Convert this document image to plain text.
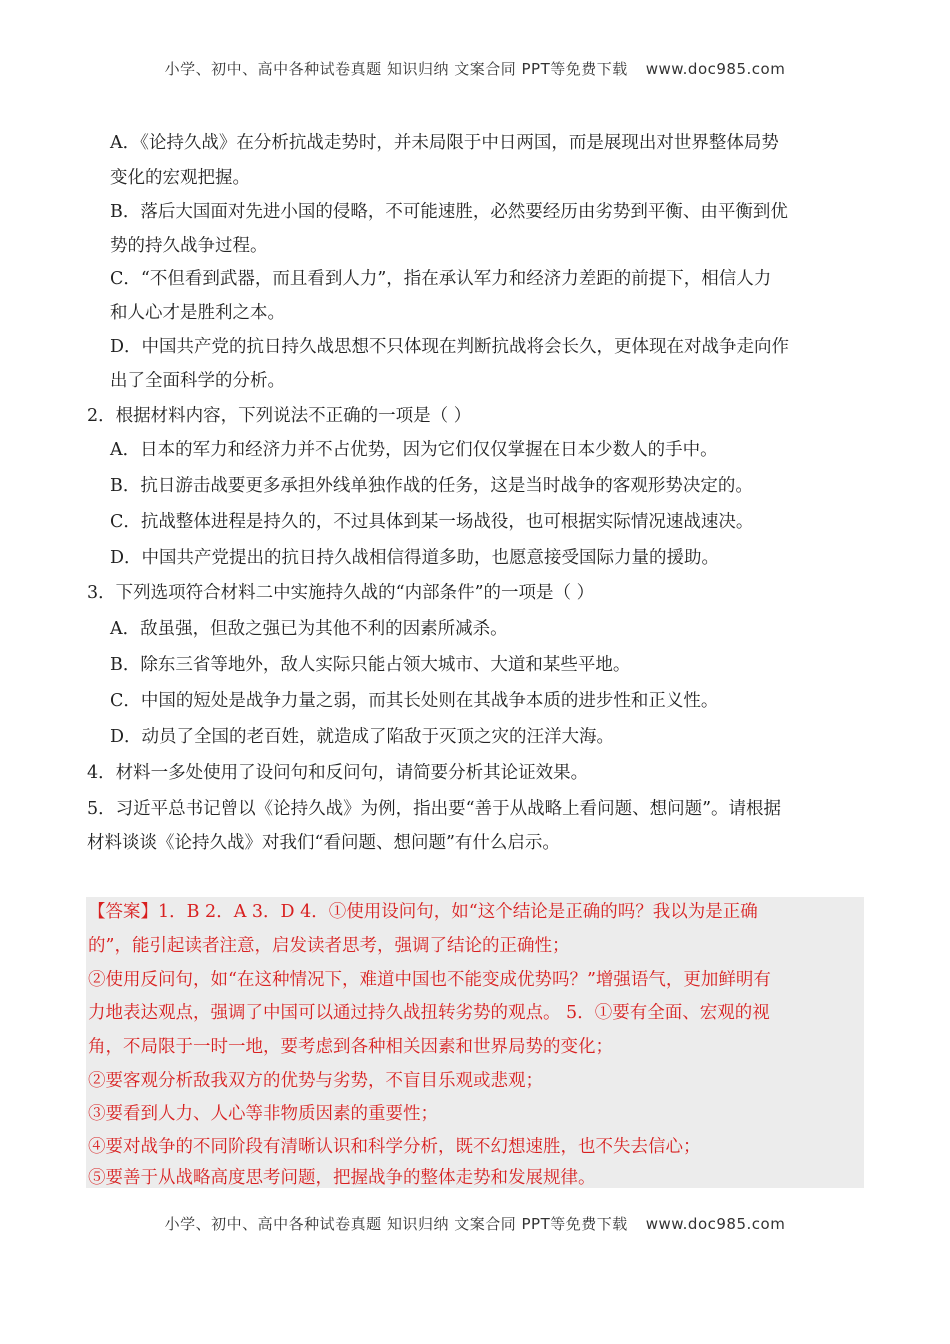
小学、初中、高中各种试卷真题 知识归纳 文案合同 PPT等免费下载 www.doc985.com
A．《论持久战》在分析抗战走势时，并未局限于中日两国，而是展现出对世界整体局势
变化的宏观把握。
B．落后大国面对先进小国的侵略，不可能速胜，必然要经历由劣势到平衡、由平衡到优
势的持久战争过程。
C．“不但看到武器，而且看到人力”，指在承认军力和经济力差距的前提下，相信人力
和人心才是胜利之本。
D．中国共产党的抗日持久战思想不只体现在判断抗战将会长久，更体现在对战争走向作
出了全面科学的分析。
2．根据材料内容，下列说法不正确的一项是（ ）
A．日本的军力和经济力并不占优势，因为它们仅仅掌握在日本少数人的手中。
B．抗日游击战要更多承担外线单独作战的任务，这是当时战争的客观形势决定的。
C．抗战整体进程是持久的，不过具体到某一场战役，也可根据实际情况速战速决。
D．中国共产党提出的抗日持久战相信得道多助，也愿意接受国际力量的援助。
3．下列选项符合材料二中实施持久战的“内部条件”的一项是（ ）
A．敌虽强，但敌之强已为其他不利的因素所减杀。
B．除东三省等地外，敌人实际只能占领大城市、大道和某些平地。
C．中国的短处是战争力量之弱，而其长处则在其战争本质的进步性和正义性。
D．动员了全国的老百姓，就造成了陷敌于灭顶之灾的汪洋大海。
4．材料一多处使用了设问句和反问句，请简要分析其论证效果。
5．习近平总书记曾以《论持久战》为例，指出要“善于从战略上看问题、想问题”。请根据
材料谈谈《论持久战》对我们“看问题、想问题”有什么启示。
【答案】1．B 2．A 3．D 4．①使用设问句，如“这个结论是正确的吗？我以为是正确
的”，能引起读者注意，启发读者思考，强调了结论的正确性；
②使用反问句，如“在这种情况下，难道中国也不能变成优势吗？”增强语气，更加鲜明有
力地表达观点，强调了中国可以通过持久战扭转劣势的观点。 5．①要有全面、宏观的视
角，不局限于一时一地，要考虑到各种相关因素和世界局势的变化；
②要客观分析敌我双方的优势与劣势，不盲目乐观或悲观；
③要看到人力、人心等非物质因素的重要性；
④要对战争的不同阶段有清晰认识和科学分析，既不幻想速胜，也不失去信心；
⑤要善于从战略高度思考问题，把握战争的整体走势和发展规律。
小学、初中、高中各种试卷真题 知识归纳 文案合同 PPT等免费下载 www.doc985.com
